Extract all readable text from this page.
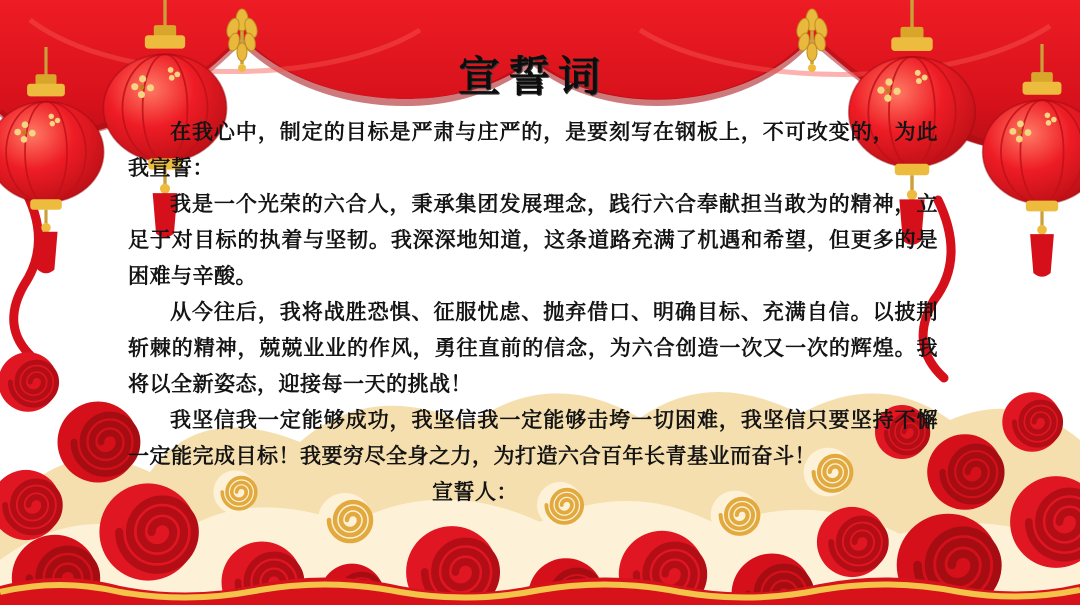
宣誓词

在我心中，制定的目标是严肃与庄严的，是要刻写在钢板上，不可改变的，为此我宣誓：

我是一个光荣的六合人，秉承集团发展理念，践行六合奉献担当敢为的精神，立足于对目标的执着与坚韧。我深深地知道，这条道路充满了机遇和希望，但更多的是困难与辛酸。

从今往后，我将战胜恐惧、征服忧虑、抛弃借口、明确目标、充满自信。以披荆斩棘的精神，兢兢业业的作风，勇往直前的信念，为六合创造一次又一次的辉煌。我将以全新姿态，迎接每一天的挑战！

我坚信我一定能够成功，我坚信我一定能够击垮一切困难，我坚信只要坚持不懈一定能完成目标！我要穷尽全身之力，为打造六合百年长青基业而奋斗！

宣誓人：
